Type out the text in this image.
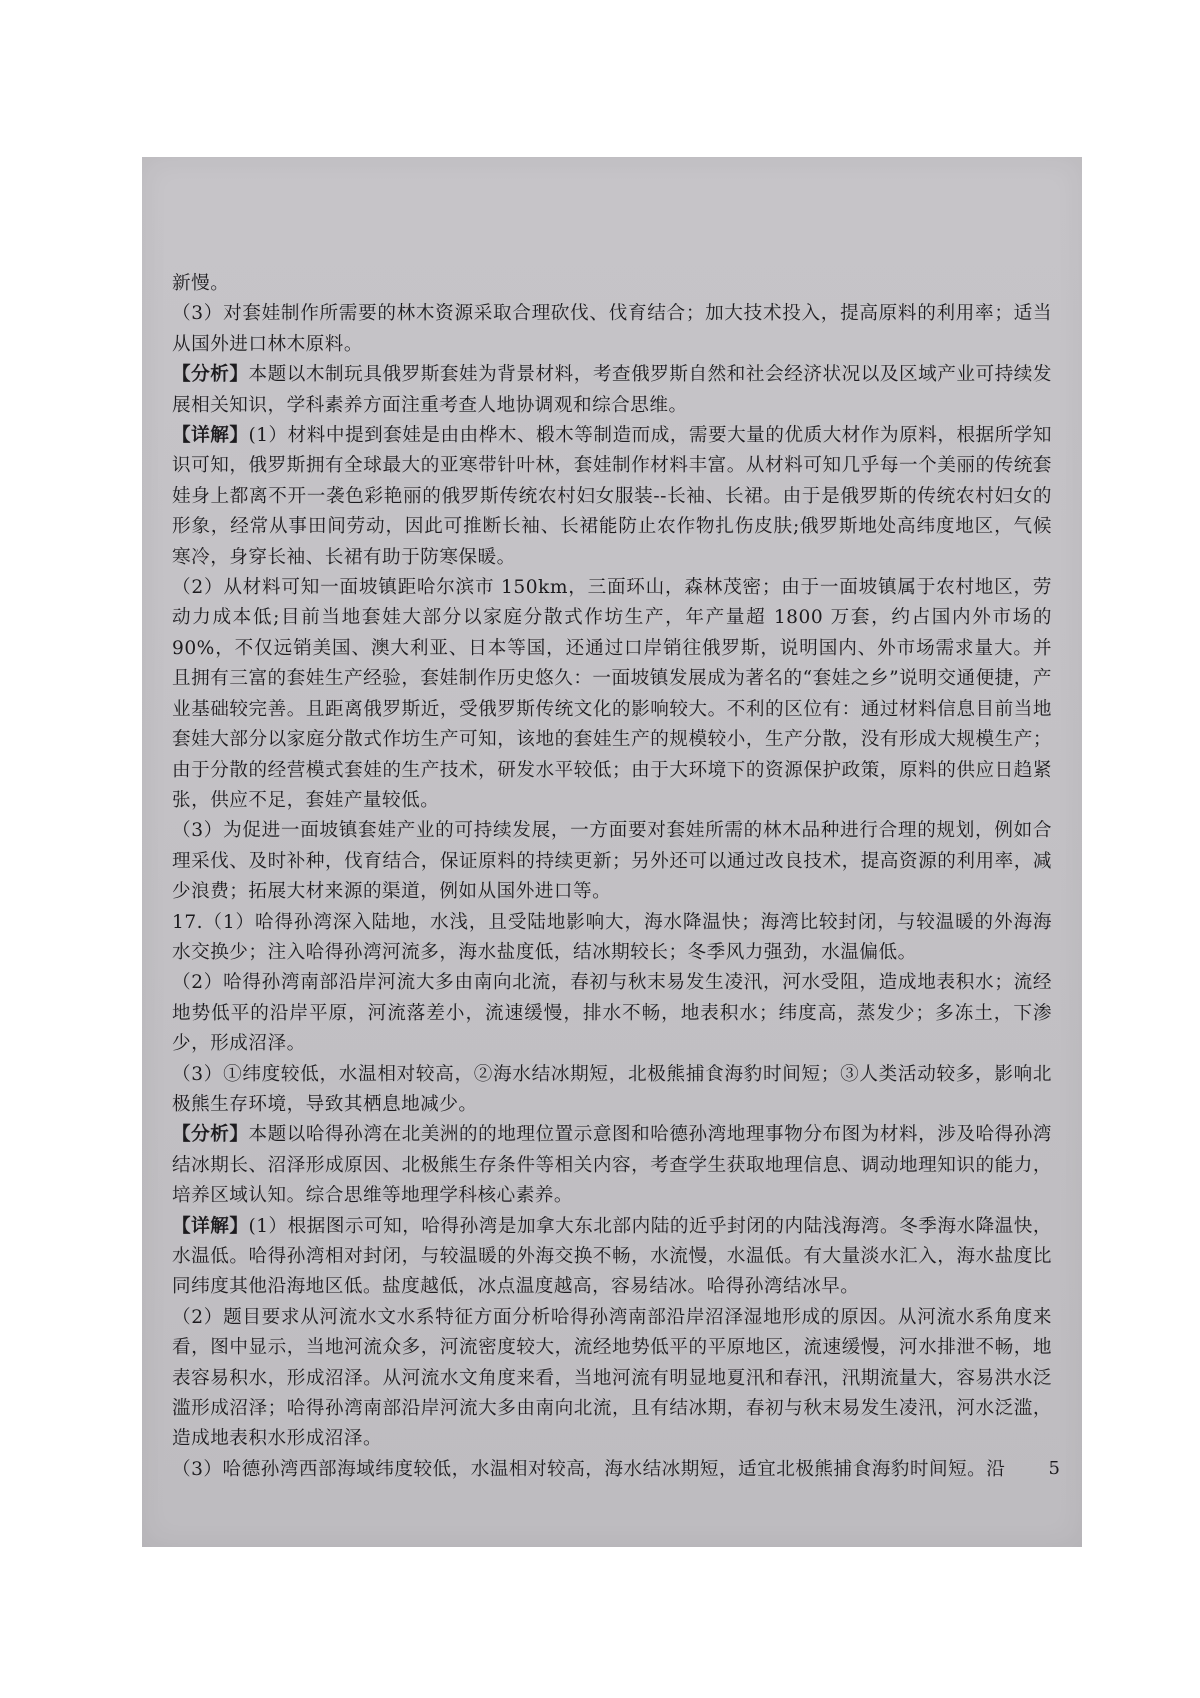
新慢。

（3）对套娃制作所需要的林木资源采取合理砍伐、伐育结合；加大技术投入，提高原料的利用率；适当从国外进口林木原料。

【分析】本题以木制玩具俄罗斯套娃为背景材料，考查俄罗斯自然和社会经济状况以及区域产业可持续发展相关知识，学科素养方面注重考查人地协调观和综合思维。

【详解】(1）材料中提到套娃是由由桦木、椴木等制造而成，需要大量的优质大材作为原料，根据所学知识可知，俄罗斯拥有全球最大的亚寒带针叶林，套娃制作材料丰富。从材料可知几乎每一个美丽的传统套娃身上都离不开一袭色彩艳丽的俄罗斯传统农村妇女服装--长袖、长裙。由于是俄罗斯的传统农村妇女的形象，经常从事田间劳动，因此可推断长袖、长裙能防止农作物扎伤皮肤;俄罗斯地处高纬度地区，气候寒冷，身穿长袖、长裙有助于防寒保暖。

（2）从材料可知一面坡镇距哈尔滨市 150km，三面环山，森林茂密；由于一面坡镇属于农村地区，劳动力成本低;目前当地套娃大部分以家庭分散式作坊生产，年产量超 1800 万套，约占国内外市场的 90%，不仅远销美国、澳大利亚、日本等国，还通过口岸销往俄罗斯，说明国内、外市场需求量大。并且拥有三富的套娃生产经验，套娃制作历史悠久：一面坡镇发展成为著名的“套娃之乡”说明交通便捷，产业基础较完善。且距离俄罗斯近，受俄罗斯传统文化的影响较大。不利的区位有：通过材料信息目前当地套娃大部分以家庭分散式作坊生产可知，该地的套娃生产的规模较小，生产分散，没有形成大规模生产；由于分散的经营模式套娃的生产技术，研发水平较低；由于大环境下的资源保护政策，原料的供应日趋紧张，供应不足，套娃产量较低。

（3）为促进一面坡镇套娃产业的可持续发展，一方面要对套娃所需的林木品种进行合理的规划，例如合理采伐、及时补种，伐育结合，保证原料的持续更新；另外还可以通过改良技术，提高资源的利用率，减少浪费；拓展大材来源的渠道，例如从国外进口等。

17.（1）哈得孙湾深入陆地，水浅，且受陆地影响大，海水降温快；海湾比较封闭，与较温暖的外海海水交换少；注入哈得孙湾河流多，海水盐度低，结冰期较长；冬季风力强劲，水温偏低。

（2）哈得孙湾南部沿岸河流大多由南向北流，春初与秋末易发生凌汛，河水受阻，造成地表积水；流经地势低平的沿岸平原，河流落差小，流速缓慢，排水不畅，地表积水；纬度高，蒸发少；多冻土，下渗少，形成沼泽。

（3）①纬度较低，水温相对较高，②海水结冰期短，北极熊捕食海豹时间短；③人类活动较多，影响北极熊生存环境，导致其栖息地减少。

【分析】本题以哈得孙湾在北美洲的的地理位置示意图和哈德孙湾地理事物分布图为材料，涉及哈得孙湾结冰期长、沼泽形成原因、北极熊生存条件等相关内容，考查学生获取地理信息、调动地理知识的能力，培养区域认知。综合思维等地理学科核心素养。

【详解】(1）根据图示可知，哈得孙湾是加拿大东北部内陆的近乎封闭的内陆浅海湾。冬季海水降温快，水温低。哈得孙湾相对封闭，与较温暖的外海交换不畅，水流慢，水温低。有大量淡水汇入，海水盐度比同纬度其他沿海地区低。盐度越低，冰点温度越高，容易结冰。哈得孙湾结冰早。

（2）题目要求从河流水文水系特征方面分析哈得孙湾南部沿岸沼泽湿地形成的原因。从河流水系角度来看，图中显示，当地河流众多，河流密度较大，流经地势低平的平原地区，流速缓慢，河水排泄不畅，地表容易积水，形成沼泽。从河流水文角度来看，当地河流有明显地夏汛和春汛，汛期流量大，容易洪水泛滥形成沼泽；哈得孙湾南部沿岸河流大多由南向北流，且有结冰期，春初与秋末易发生凌汛，河水泛滥，造成地表积水形成沼泽。

（3）哈德孙湾西部海域纬度较低，水温相对较高，海水结冰期短，适宜北极熊捕食海豹时间短。沿	5
